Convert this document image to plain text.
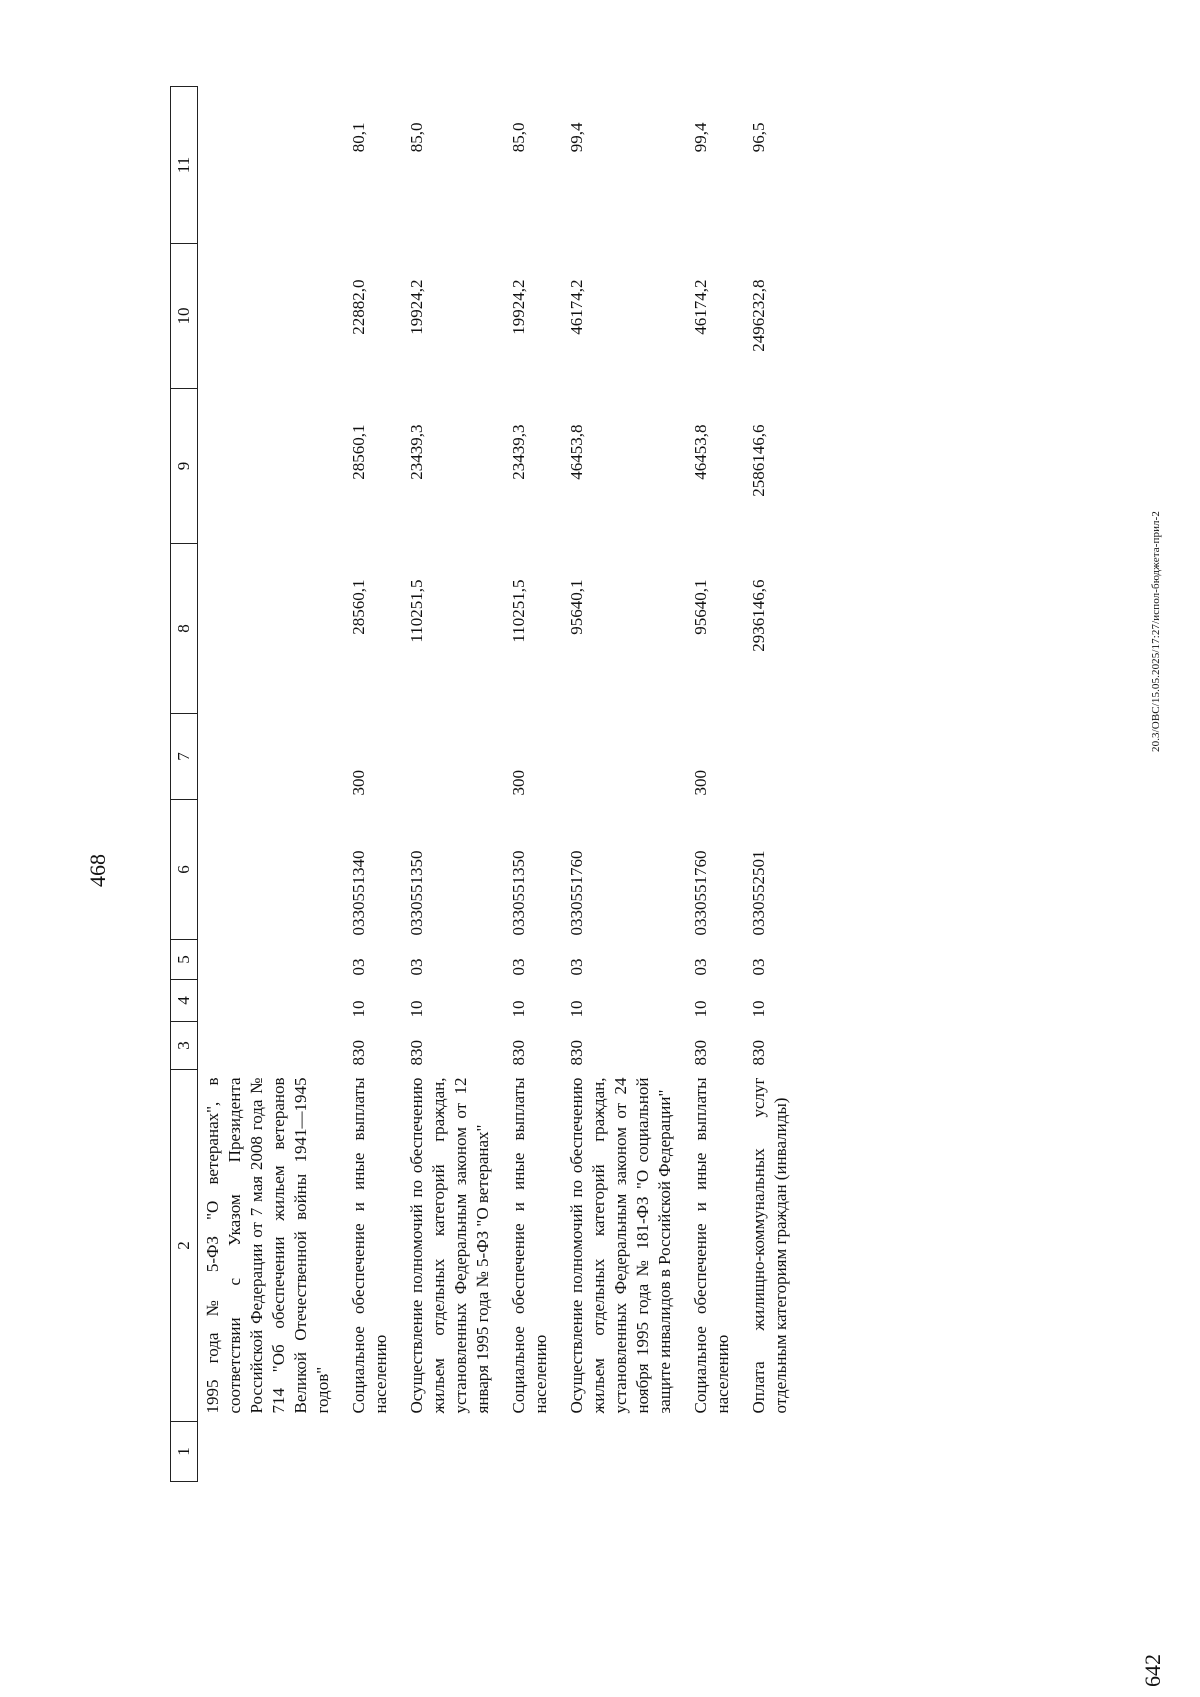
468
1	2	3	4	5	6	7	8	9	10	11
	1995 года № 5-ФЗ "О ветеранах", в соответствии с Указом Президента Российской Федерации от 7 мая 2008 года № 714 "Об обеспечении жильем ветеранов Великой Отечественной войны 1941—1945 годов"									
	Социальное обеспечение и иные выплаты населению	830	10	03	0330551340	300	28560,1	28560,1	22882,0	80,1
	Осуществление полномочий по обеспечению жильем отдельных категорий граждан, установленных Федеральным законом от 12 января 1995 года № 5-ФЗ "О ветеранах"	830	10	03	0330551350		110251,5	23439,3	19924,2	85,0
	Социальное обеспечение и иные выплаты населению	830	10	03	0330551350	300	110251,5	23439,3	19924,2	85,0
	Осуществление полномочий по обеспечению жильем отдельных категорий граждан, установленных Федеральным законом от 24 ноября 1995 года № 181-ФЗ "О социальной защите инвалидов в Российской Федерации"	830	10	03	0330551760		95640,1	46453,8	46174,2	99,4
	Социальное обеспечение и иные выплаты населению	830	10	03	0330551760	300	95640,1	46453,8	46174,2	99,4
	Оплата жилищно-коммунальных услуг отдельным категориям граждан (инвалиды)	830	10	03	0330552501		2936146,6	2586146,6	2496232,8	96,5
20.3/ОВС/15.05.2025/17:27/испол-бюджета-прил-2
642
